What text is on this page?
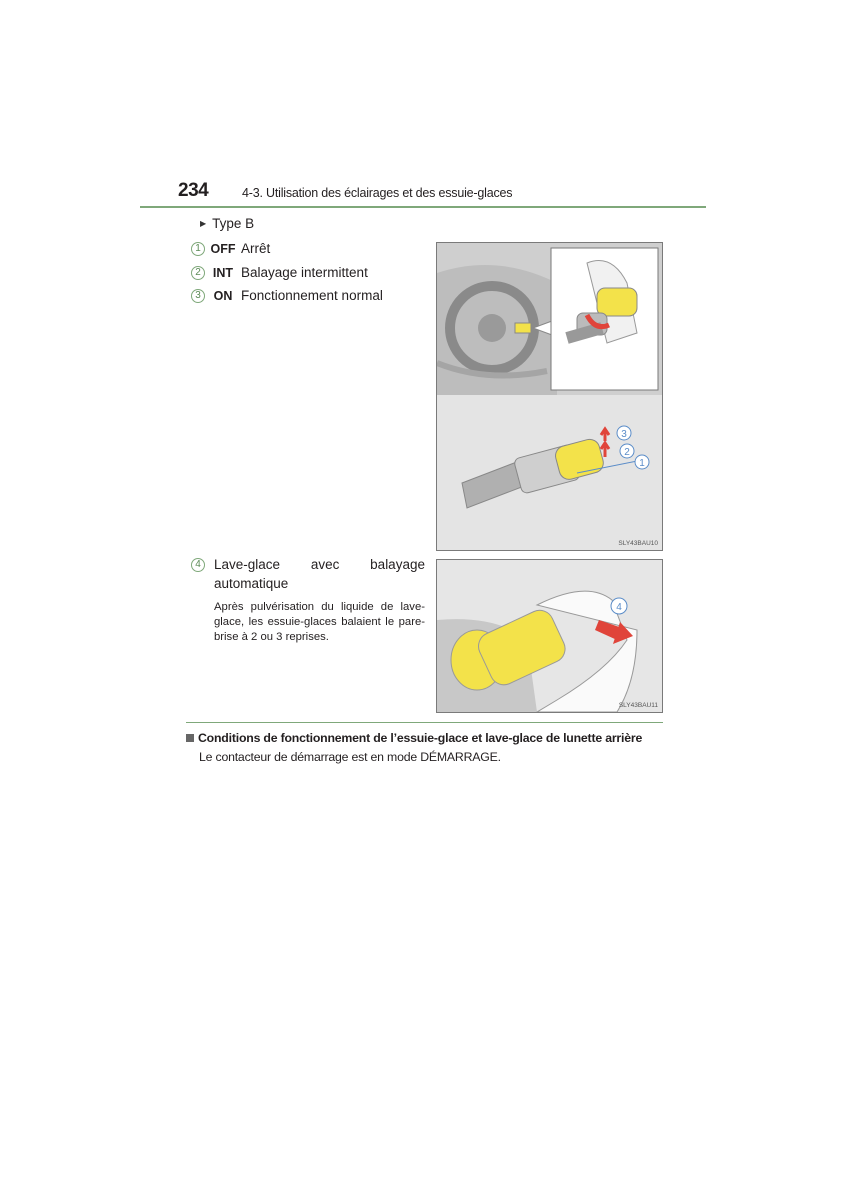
234	4-3. Utilisation des éclairages et des essuie-glaces
▶ Type B
1 OFF Arrêt
2 INT Balayage intermittent
3	ON Fonctionnement normal
3
2
1
SLY43BAU10
4 Lave-glace avec balayage
automatique
Après pulvérisation du liquide de lave-glace, les essuie-glaces balaient le pare-brise à 2 ou 3 reprises.
4
SLY43BAU11
Conditions de fonctionnement de l’essuie-glace et lave-glace de lunette arrière
Le contacteur de démarrage est en mode DÉMARRAGE.
